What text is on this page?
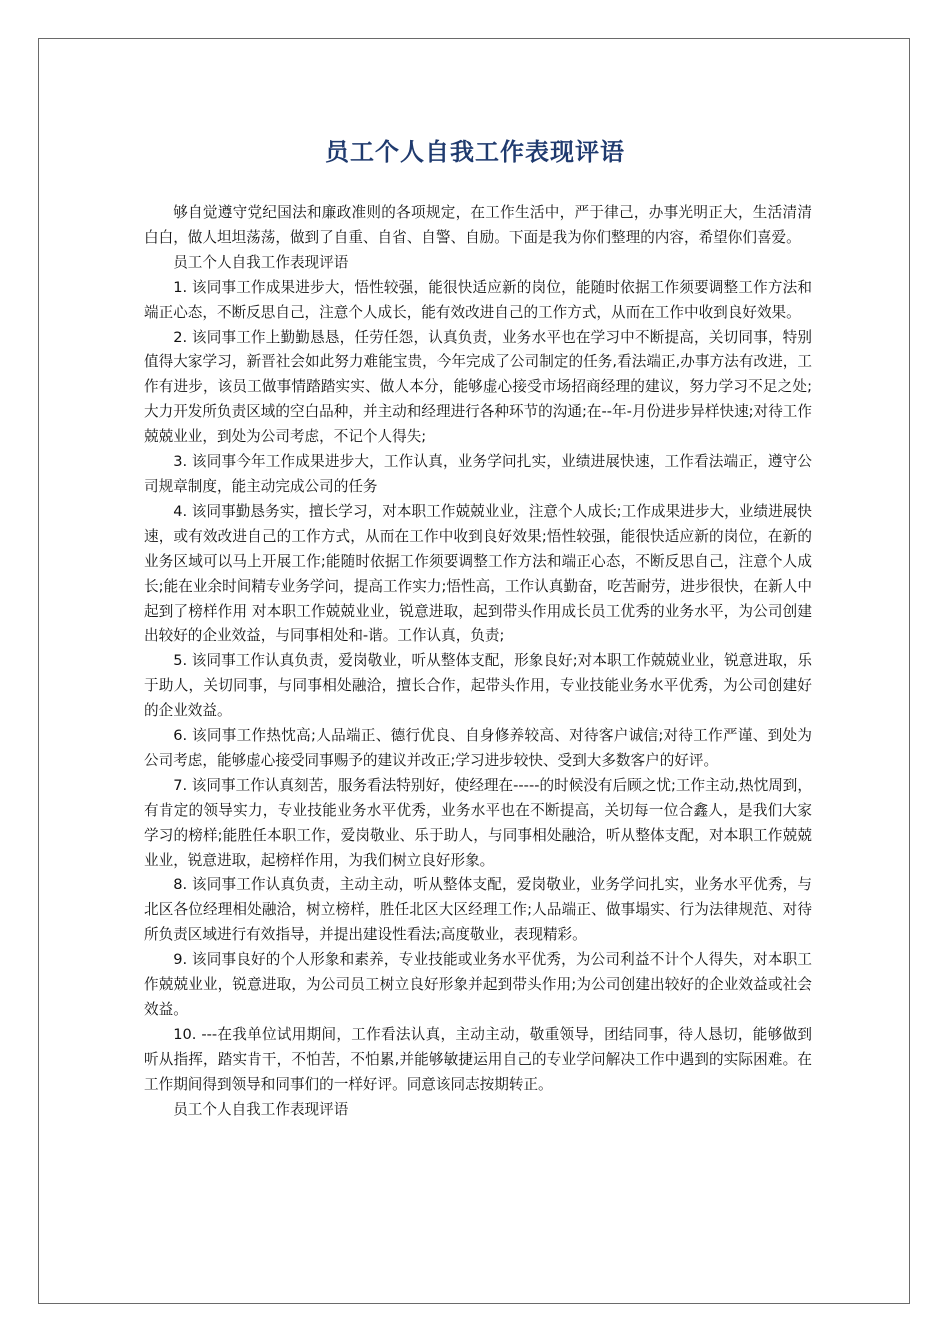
员工个人自我工作表现评语

够自觉遵守党纪国法和廉政准则的各项规定，在工作生活中，严于律己，办事光明正大，生活清清白白，做人坦坦荡荡，做到了自重、自省、自警、自励。下面是我为你们整理的内容，希望你们喜爱。

员工个人自我工作表现评语

1. 该同事工作成果进步大，悟性较强，能很快适应新的岗位，能随时依据工作须要调整工作方法和端正心态，不断反思自己，注意个人成长，能有效改进自己的工作方式，从而在工作中收到良好效果。

2. 该同事工作上勤勤恳恳，任劳任怨，认真负责，业务水平也在学习中不断提高，关切同事，特别值得大家学习，新晋社会如此努力难能宝贵，今年完成了公司制定的任务,看法端正,办事方法有改进，工作有进步，该员工做事情踏踏实实、做人本分，能够虚心接受市场招商经理的建议，努力学习不足之处;大力开发所负责区域的空白品种，并主动和经理进行各种环节的沟通;在--年-月份进步异样快速;对待工作兢兢业业，到处为公司考虑，不记个人得失;

3. 该同事今年工作成果进步大，工作认真，业务学问扎实，业绩进展快速，工作看法端正，遵守公司规章制度，能主动完成公司的任务

4. 该同事勤恳务实，擅长学习，对本职工作兢兢业业，注意个人成长;工作成果进步大，业绩进展快速，或有效改进自己的工作方式，从而在工作中收到良好效果;悟性较强，能很快适应新的岗位，在新的业务区域可以马上开展工作;能随时依据工作须要调整工作方法和端正心态，不断反思自己，注意个人成长;能在业余时间精专业务学问，提高工作实力;悟性高，工作认真勤奋，吃苦耐劳，进步很快，在新人中起到了榜样作用 对本职工作兢兢业业，锐意进取，起到带头作用成长员工优秀的业务水平，为公司创建出较好的企业效益，与同事相处和-谐。工作认真，负责;

5. 该同事工作认真负责，爱岗敬业，听从整体支配，形象良好;对本职工作兢兢业业，锐意进取，乐于助人，关切同事，与同事相处融洽，擅长合作，起带头作用，专业技能业务水平优秀，为公司创建好的企业效益。

6. 该同事工作热忱高;人品端正、德行优良、自身修养较高、对待客户诚信;对待工作严谨、到处为公司考虑，能够虚心接受同事赐予的建议并改正;学习进步较快、受到大多数客户的好评。

7. 该同事工作认真刻苦，服务看法特别好，使经理在-----的时候没有后顾之忧;工作主动,热忱周到，有肯定的领导实力，专业技能业务水平优秀，业务水平也在不断提高，关切每一位合鑫人，是我们大家学习的榜样;能胜任本职工作，爱岗敬业、乐于助人，与同事相处融洽，听从整体支配，对本职工作兢兢业业，锐意进取，起榜样作用，为我们树立良好形象。

8. 该同事工作认真负责，主动主动，听从整体支配，爱岗敬业，业务学问扎实，业务水平优秀，与北区各位经理相处融洽，树立榜样，胜任北区大区经理工作;人品端正、做事塌实、行为法律规范、对待所负责区域进行有效指导，并提出建设性看法;高度敬业，表现精彩。

9. 该同事良好的个人形象和素养，专业技能或业务水平优秀，为公司利益不计个人得失，对本职工作兢兢业业，锐意进取，为公司员工树立良好形象并起到带头作用;为公司创建出较好的企业效益或社会效益。

10. ---在我单位试用期间，工作看法认真，主动主动，敬重领导，团结同事，待人恳切，能够做到听从指挥，踏实肯干，不怕苦，不怕累,并能够敏捷运用自己的专业学问解决工作中遇到的实际困难。在工作期间得到领导和同事们的一样好评。同意该同志按期转正。

员工个人自我工作表现评语
